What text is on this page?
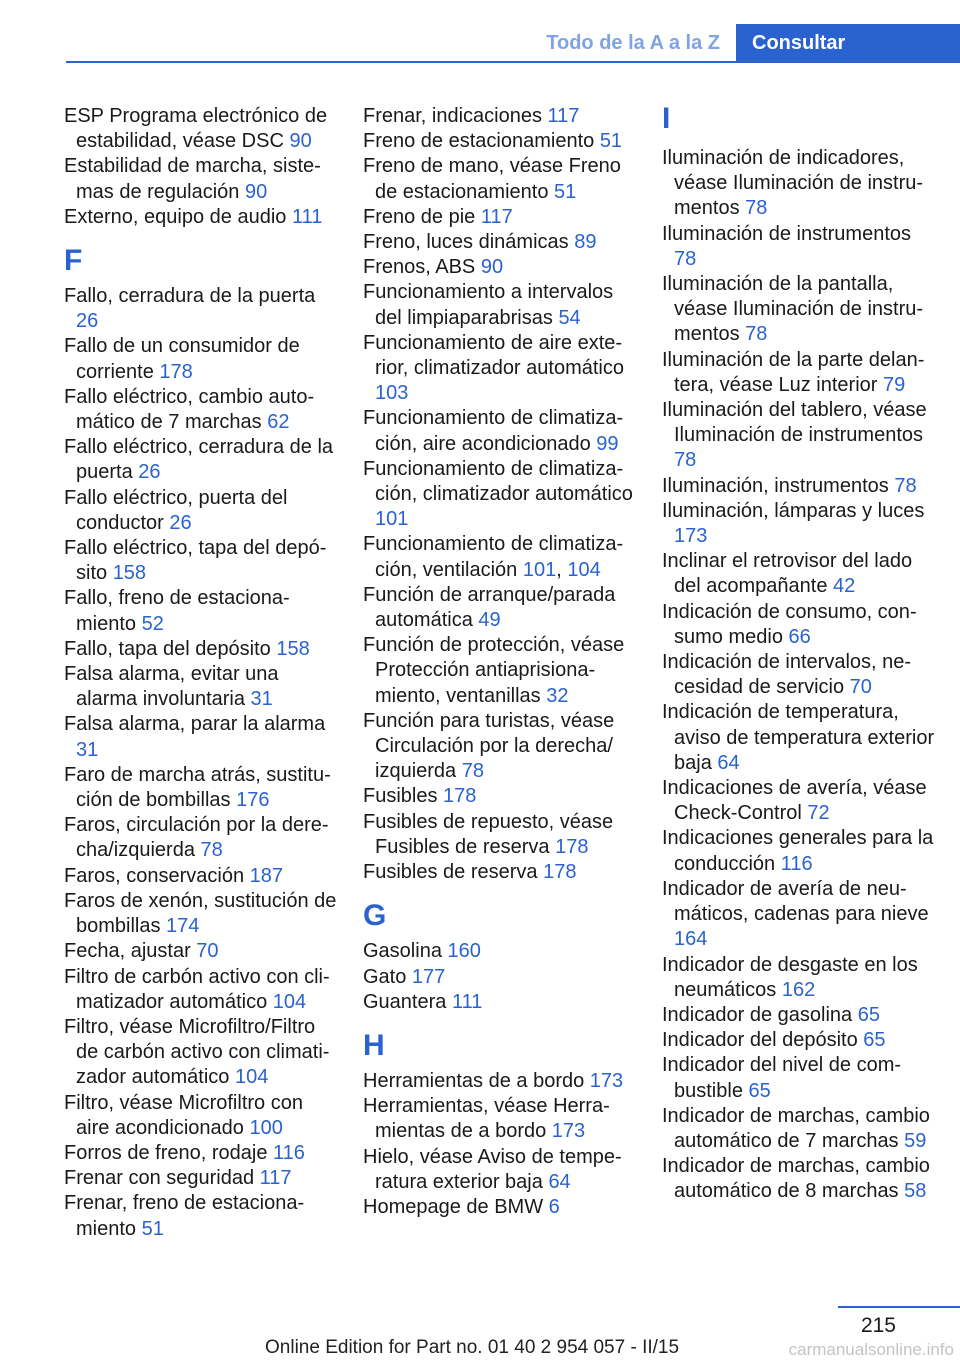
Todo de la A a la Z	Consultar
ESP Programa electrónico de estabilidad, véase DSC 90
Estabilidad de marcha, sistemas de regulación 90
Externo, equipo de audio 111
F
Fallo, cerradura de la puerta 26
Fallo de un consumidor de corriente 178
Fallo eléctrico, cambio automático de 7 marchas 62
Fallo eléctrico, cerradura de la puerta 26
Fallo eléctrico, puerta del conductor 26
Fallo eléctrico, tapa del depósito 158
Fallo, freno de estacionamiento 52
Fallo, tapa del depósito 158
Falsa alarma, evitar una alarma involuntaria 31
Falsa alarma, parar la alarma 31
Faro de marcha atrás, sustitución de bombillas 176
Faros, circulación por la derecha/izquierda 78
Faros, conservación 187
Faros de xenón, sustitución de bombillas 174
Fecha, ajustar 70
Filtro de carbón activo con climatizador automático 104
Filtro, véase Microfiltro/Filtro de carbón activo con climatizador automático 104
Filtro, véase Microfiltro con aire acondicionado 100
Forros de freno, rodaje 116
Frenar con seguridad 117
Frenar, freno de estacionamiento 51
Frenar, indicaciones 117
Freno de estacionamiento 51
Freno de mano, véase Freno de estacionamiento 51
Freno de pie 117
Freno, luces dinámicas 89
Frenos, ABS 90
Funcionamiento a intervalos del limpiaparabrisas 54
Funcionamiento de aire exterior, climatizador automático 103
Funcionamiento de climatización, aire acondicionado 99
Funcionamiento de climatización, climatizador automático 101
Funcionamiento de climatización, ventilación 101, 104
Función de arranque/parada automática 49
Función de protección, véase Protección antiaprisionamiento, ventanillas 32
Función para turistas, véase Circulación por la derecha/ izquierda 78
Fusibles 178
Fusibles de repuesto, véase Fusibles de reserva 178
Fusibles de reserva 178
G
Gasolina 160
Gato 177
Guantera 111
H
Herramientas de a bordo 173
Herramientas, véase Herramientas de a bordo 173
Hielo, véase Aviso de temperatura exterior baja 64
Homepage de BMW 6
I
Iluminación de indicadores, véase Iluminación de instrumentos 78
Iluminación de instrumentos 78
Iluminación de la pantalla, véase Iluminación de instrumentos 78
Iluminación de la parte delantera, véase Luz interior 79
Iluminación del tablero, véase Iluminación de instrumentos 78
Iluminación, instrumentos 78
Iluminación, lámparas y luces 173
Inclinar el retrovisor del lado del acompañante 42
Indicación de consumo, consumo medio 66
Indicación de intervalos, necesidad de servicio 70
Indicación de temperatura, aviso de temperatura exterior baja 64
Indicaciones de avería, véase Check-Control 72
Indicaciones generales para la conducción 116
Indicador de avería de neumáticos, cadenas para nieve 164
Indicador de desgaste en los neumáticos 162
Indicador de gasolina 65
Indicador del depósito 65
Indicador del nivel de combustible 65
Indicador de marchas, cambio automático de 7 marchas 59
Indicador de marchas, cambio automático de 8 marchas 58
215
Online Edition for Part no. 01 40 2 954 057 - II/15	carmanualsonline.info
